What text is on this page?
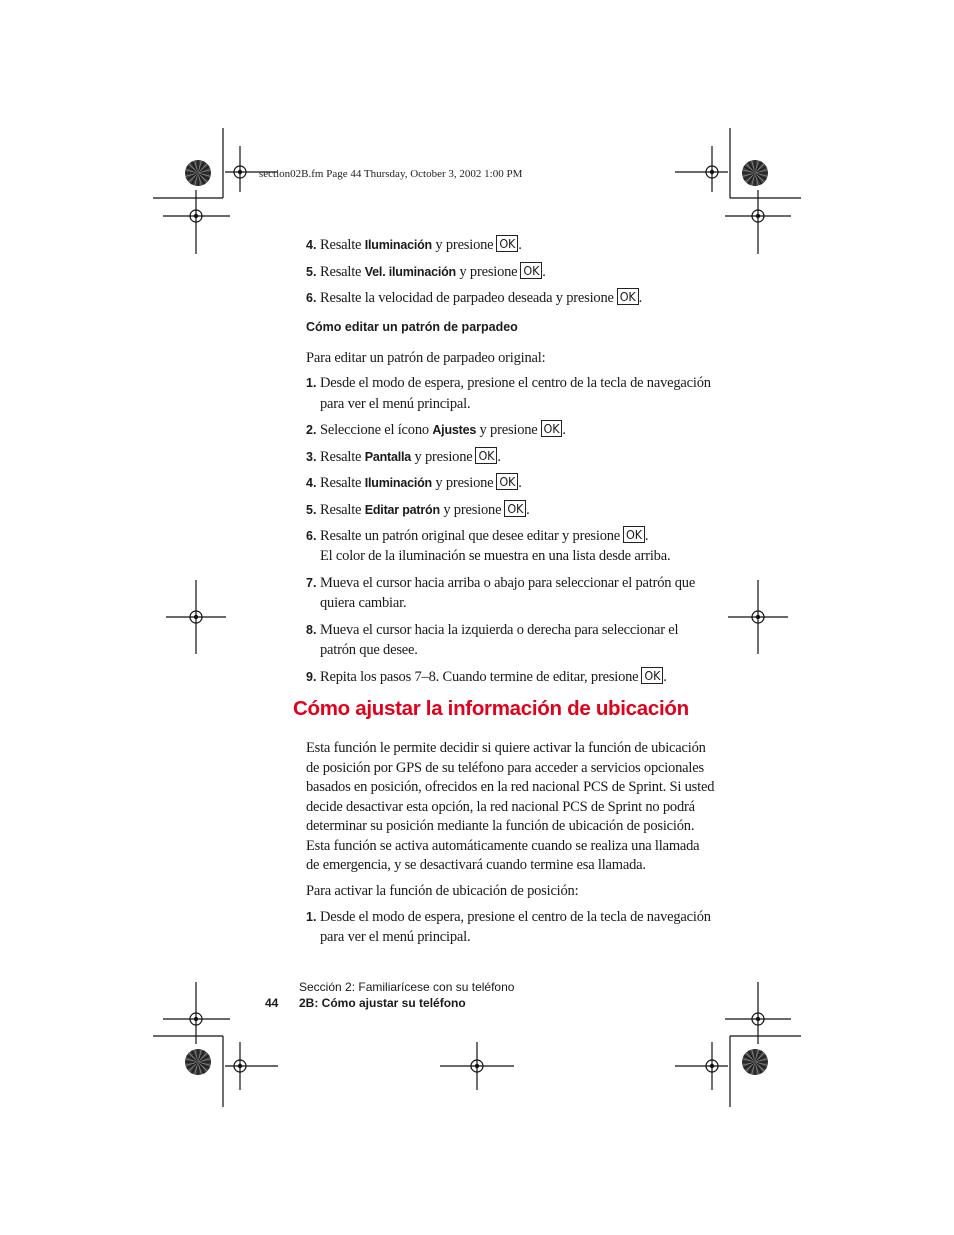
section02B.fm Page 44 Thursday, October 3, 2002 1:00 PM
4. Resalte Iluminación y presione OK .
5. Resalte Vel. iluminación y presione OK .
6. Resalte la velocidad de parpadeo deseada y presione OK .
Cómo editar un patrón de parpadeo
Para editar un patrón de parpadeo original:
1. Desde el modo de espera, presione el centro de la tecla de navegación
para ver el menú principal.
2. Seleccione el ícono Ajustes y presione OK .
3. Resalte Pantalla y presione OK .
4. Resalte Iluminación y presione OK .
5. Resalte Editar patrón y presione OK .
6. Resalte un patrón original que desee editar y presione OK .
El color de la iluminación se muestra en una lista desde arriba.
7. Mueva el cursor hacia arriba o abajo para seleccionar el patrón que
quiera cambiar.
8. Mueva el cursor hacia la izquierda o derecha para seleccionar el
patrón que desee.
9. Repita los pasos 7–8. Cuando termine de editar, presione OK .
Cómo ajustar la información de ubicación
Esta función le permite decidir si quiere activar la función de ubicación
de posición por GPS de su teléfono para acceder a servicios opcionales
basados en posición, ofrecidos en la red nacional PCS de Sprint. Si usted
decide desactivar esta opción, la red nacional PCS de Sprint no podrá
determinar su posición mediante la función de ubicación de posición.
Esta función se activa automáticamente cuando se realiza una llamada
de emergencia, y se desactivará cuando termine esa llamada.
Para activar la función de ubicación de posición:
1. Desde el modo de espera, presione el centro de la tecla de navegación
para ver el menú principal.
Sección 2: Familiarícese con su teléfono
44 2B: Cómo ajustar su teléfono
